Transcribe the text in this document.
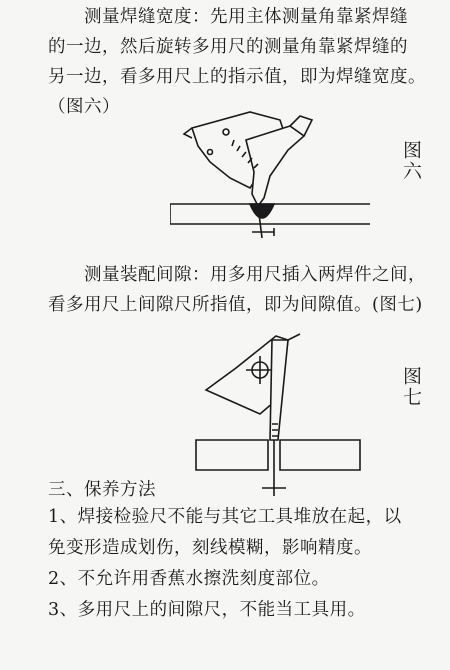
测量焊缝宽度：先用主体测量角靠紧焊缝
的一边，然后旋转多用尺的测量角靠紧焊缝的
另一边，看多用尺上的指示值，即为焊缝宽度。
（图六）
图六
测量装配间隙：用多用尺插入两焊件之间，
看多用尺上间隙尺所指值，即为间隙值。(图七)
图七
三、保养方法
1、焊接检验尺不能与其它工具堆放在起，以
免变形造成划伤，刻线模糊，影响精度。
2、不允许用香蕉水擦洗刻度部位。
3、多用尺上的间隙尺，不能当工具用。
